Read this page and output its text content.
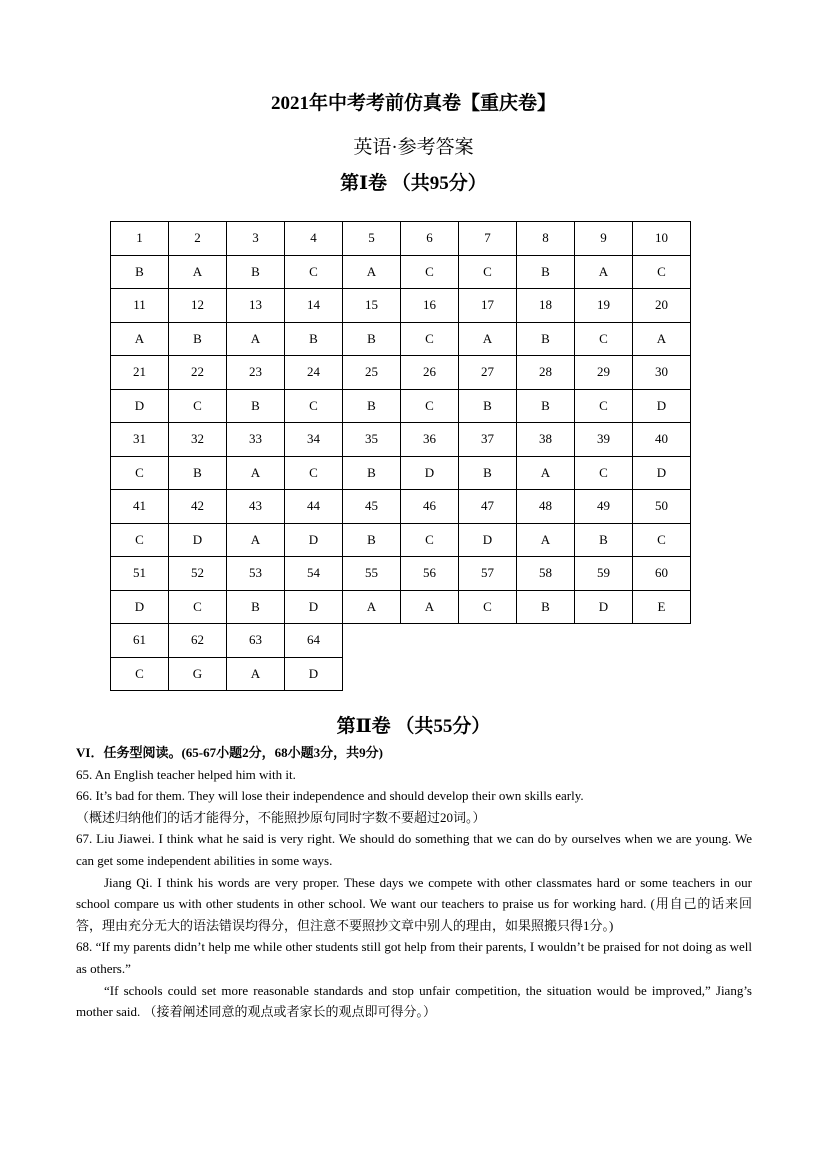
2021年中考考前仿真卷【重庆卷】
英语·参考答案
第Ⅰ卷 （共95分）
1	2	3	4	5	6	7	8	9	10
B	A	B	C	A	C	C	B	A	C
11	12	13	14	15	16	17	18	19	20
A	B	A	B	B	C	A	B	C	A
21	22	23	24	25	26	27	28	29	30
D	C	B	C	B	C	B	B	C	D
31	32	33	34	35	36	37	38	39	40
C	B	A	C	B	D	B	A	C	D
41	42	43	44	45	46	47	48	49	50
C	D	A	D	B	C	D	A	B	C
51	52	53	54	55	56	57	58	59	60
D	C	B	D	A	A	C	B	D	E
61	62	63	64						
C	G	A	D						
第Ⅱ卷 （共55分）

VI．任务型阅读。(65-67小题2分，68小题3分，共9分)

65. An English teacher helped him with it.

66. It’s bad for them. They will lose their independence and should develop their own skills early.

（概述归纳他们的话才能得分，不能照抄原句同时字数不要超过20词。）

67. Liu Jiawei. I think what he said is very right. We should do something that we can do by ourselves when we are young. We can get some independent abilities in some ways.

Jiang Qi. I think his words are very proper. These days we compete with other classmates hard or some teachers in our school compare us with other students in other school. We want our teachers to praise us for working hard. (用自己的话来回答，理由充分无大的语法错误均得分，但注意不要照抄文章中别人的理由，如果照搬只得1分。)

68. “If my parents didn’t help me while other students still got help from their parents, I wouldn’t be praised for not doing as well as others.”

“If schools could set more reasonable standards and stop unfair competition, the situation would be improved,” Jiang’s mother said. （接着阐述同意的观点或者家长的观点即可得分。）
